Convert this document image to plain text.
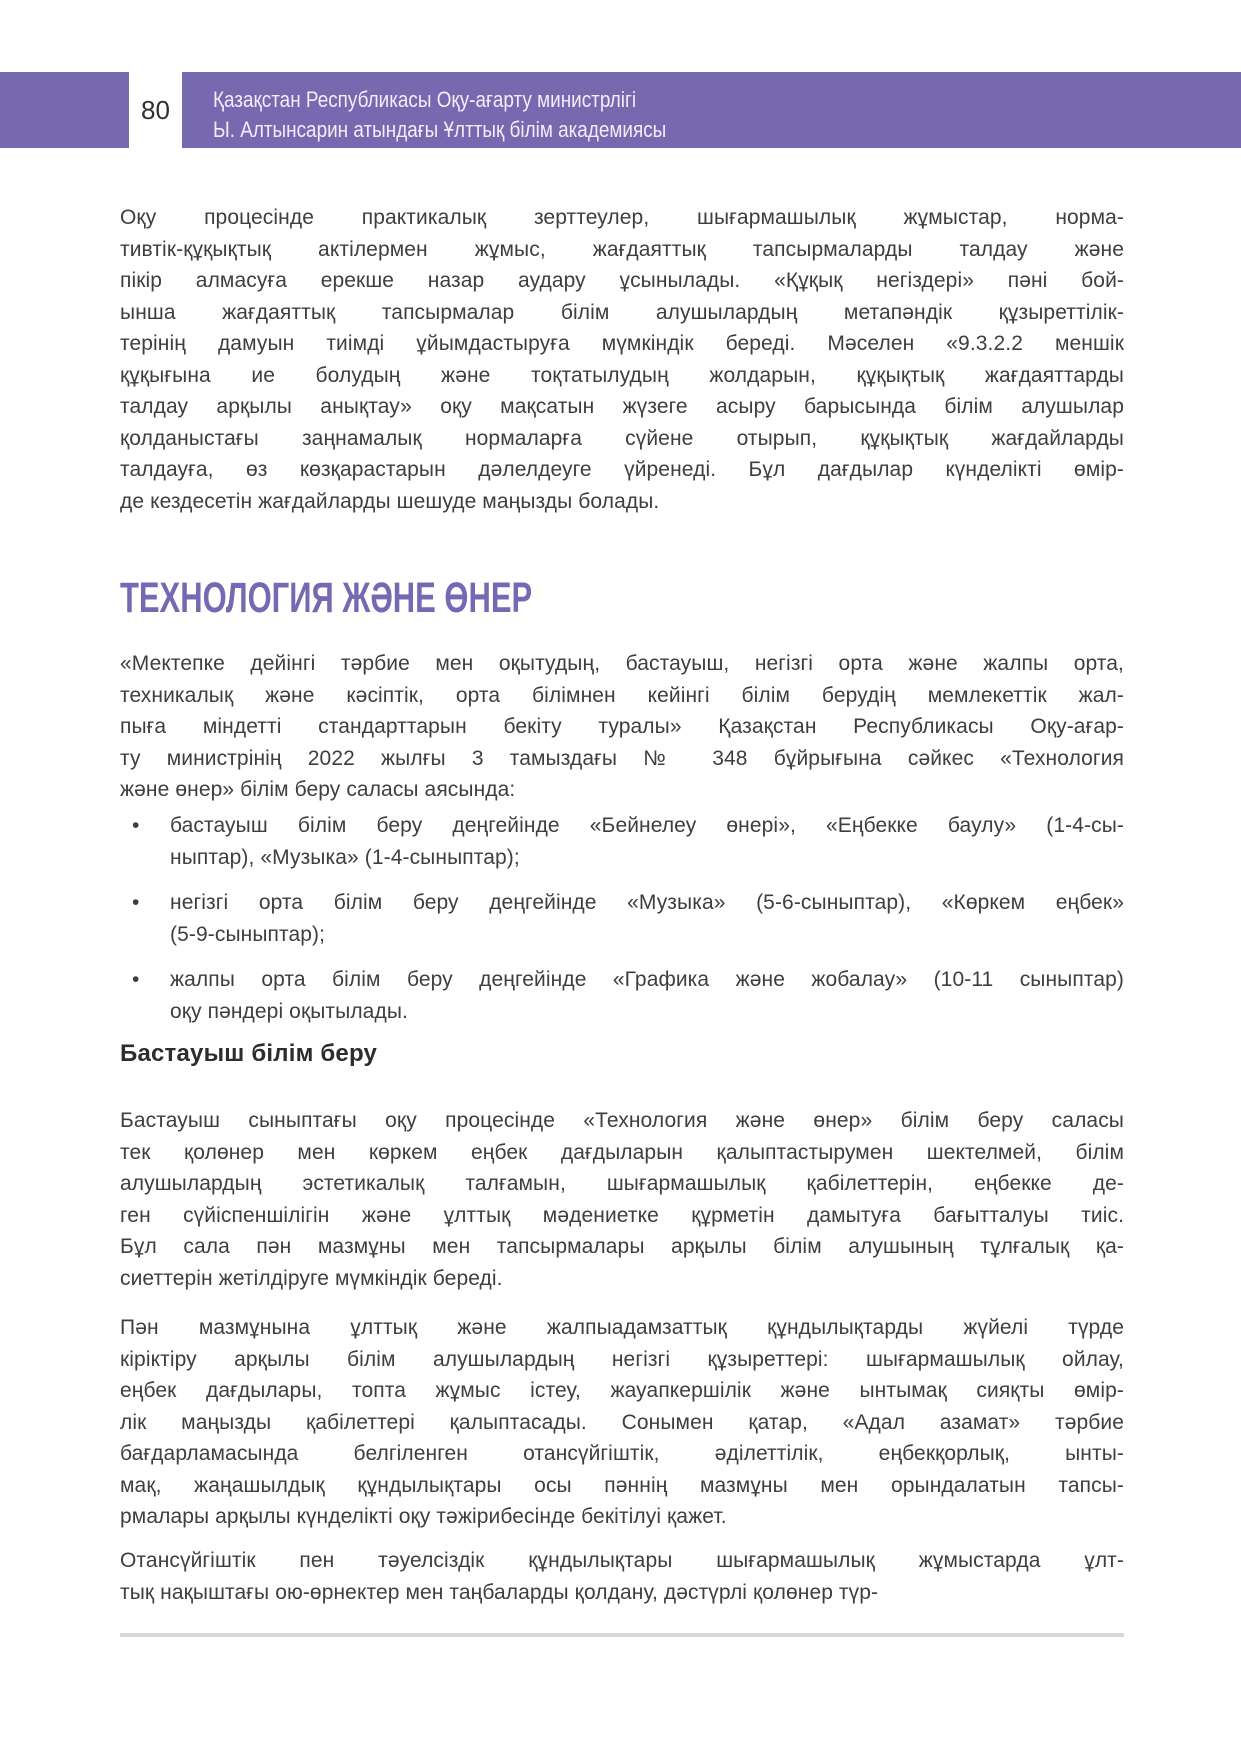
80	Қазақстан Республикасы Оқу-ағарту министрлігі
Ы. Алтынсарин атындағы Ұлттық білім академиясы
Оқу процесінде практикалық зерттеулер, шығармашылық жұмыстар, норма-
тивтік-құқықтық актілермен жұмыс, жағдаяттық тапсырмаларды талдау және
пікір алмасуға ерекше назар аудару ұсынылады. «Құқық негіздері» пәні бой-
ынша жағдаяттық тапсырмалар білім алушылардың метапәндік құзыреттілік-
терінің дамуын тиімді ұйымдастыруға мүмкіндік береді. Мәселен «9.3.2.2 меншік
құқығына ие болудың және тоқтатылудың жолдарын, құқықтық жағдаяттарды
талдау арқылы анықтау» оқу мақсатын жүзеге асыру барысында білім алушылар
қолданыстағы заңнамалық нормаларға сүйене отырып, құқықтық жағдайларды
талдауға, өз көзқарастарын дәлелдеуге үйренеді. Бұл дағдылар күнделікті өмір-
де кездесетін жағдайларды шешуде маңызды болады.
ТЕХНОЛОГИЯ ЖӘНЕ ӨНЕР
«Мектепке дейінгі тәрбие мен оқытудың, бастауыш, негізгі орта және жалпы орта,
техникалық және кәсіптік, орта білімнен кейінгі білім берудің мемлекеттік жал-
пыға міндетті стандарттарын бекіту туралы» Қазақстан Республикасы Оқу-ағар-
ту министрінің 2022 жылғы 3 тамыздағы № 348 бұйрығына сәйкес «Технология
және өнер» білім беру саласы аясында:
• бастауыш білім беру деңгейінде «Бейнелеу өнері», «Еңбекке баулу» (1-4-сы-
ныптар), «Музыка» (1-4-сыныптар);
• негізгі орта білім беру деңгейінде «Музыка» (5-6-сыныптар), «Көркем еңбек»
(5-9-сыныптар);
• жалпы орта білім беру деңгейінде «Графика және жобалау» (10-11 сыныптар)
оқу пәндері оқытылады.
Бастауыш білім беру
Бастауыш сыныптағы оқу процесінде «Технология және өнер» білім беру саласы
тек қолөнер мен көркем еңбек дағдыларын қалыптастырумен шектелмей, білім
алушылардың эстетикалық талғамын, шығармашылық қабілеттерін, еңбекке де-
ген сүйіспеншілігін және ұлттық мәдениетке құрметін дамытуға бағытталуы тиіс.
Бұл сала пән мазмұны мен тапсырмалары арқылы білім алушының тұлғалық қа-
сиеттерін жетілдіруге мүмкіндік береді.
Пән мазмұнына ұлттық және жалпыадамзаттық құндылықтарды жүйелі түрде
кіріктіру арқылы білім алушылардың негізгі құзыреттері: шығармашылық ойлау,
еңбек дағдылары, топта жұмыс істеу, жауапкершілік және ынтымақ сияқты өмір-
лік маңызды қабілеттері қалыптасады. Сонымен қатар, «Адал азамат» тәрбие
бағдарламасында белгіленген отансүйгіштік, әділеттілік, еңбекқорлық, ынты-
мақ, жаңашылдық құндылықтары осы пәннің мазмұны мен орындалатын тапсы-
рмалары арқылы күнделікті оқу тәжірибесінде бекітілуі қажет.
Отансүйгіштік пен тәуелсіздік құндылықтары шығармашылық жұмыстарда ұлт-
тық нақыштағы ою-өрнектер мен таңбаларды қолдану, дәстүрлі қолөнер түр-
